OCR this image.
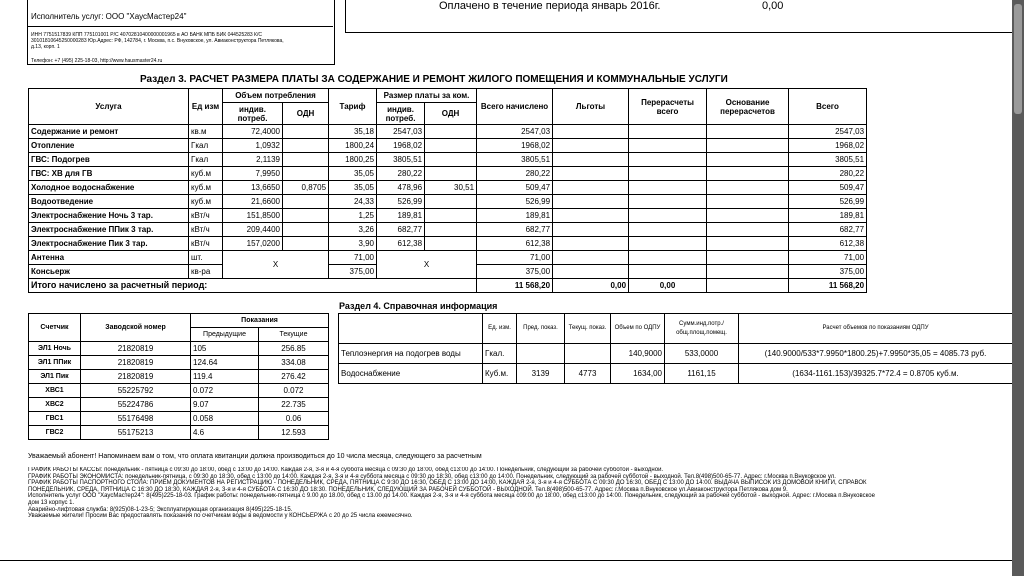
Исполнитель услуг: ООО "ХаусМастер24"
ИНН 7751517839 КПП 775101001 Р/С 40702810400000001965 в АО БАНК МПБ БИК 044525283 К/С
30101810645250000283 Юр.Адрес: РФ, 142784, г. Москва, п.с. Внуковское, ул. Авиаконструктора Петлякова,
д.13, корп. 1
Телефон: +7 (495) 225-18-03, http://www.hausmaster24.ru
Оплачено в течение периода январь 2016г.	0,00
Раздел 3. РАСЧЕТ РАЗМЕРА ПЛАТЫ ЗА СОДЕРЖАНИЕ И РЕМОНТ ЖИЛОГО ПОМЕЩЕНИЯ И КОММУНАЛЬНЫЕ УСЛУГИ
Услуга	Ед изм	Объем потребления		Тариф	Размер платы за ком.		Всего начислено	Льготы	Перерасчеты всего	Основание перерасчетов	Всего
		индив. потреб.	ОДН		индив. потреб.	ОДН					
Содержание и ремонт	кв.м	72,4000		35,18	2547,03		2547,03				2547,03
Отопление	Гкал	1,0932		1800,24	1968,02		1968,02				1968,02
ГВС: Подогрев	Гкал	2,1139		1800,25	3805,51		3805,51				3805,51
ГВС: ХВ для ГВ	куб.м	7,9950		35,05	280,22		280,22				280,22
Холодное водоснабжение	куб.м	13,6650	0,8705	35,05	478,96	30,51	509,47				509,47
Водоотведение	куб.м	21,6600		24,33	526,99		526,99				526,99
Электроснабжение Ночь 3 тар.	кВт/ч	151,8500		1,25	189,81		189,81				189,81
Электроснабжение ППик 3 тар.	кВт/ч	209,4400		3,26	682,77		682,77				682,77
Электроснабжение Пик 3 тар.	кВт/ч	157,0200		3,90	612,38		612,38				612,38
Антенна	шт.	X		71,00	X		71,00				71,00
Консьерж	кв-ра			375,00			375,00				375,00
Итого начислено за расчетный период:							11 568,20	0,00	0,00		11 568,20
Раздел 4. Справочная информация
Счетчик	Заводской номер	Показания	
		Предыдущие	Текущие
ЭЛ1 Ночь	21820819	105	256.85
ЭЛ1 ППик	21820819	124.64	334.08
ЭЛ1 Пик	21820819	119.4	276.42
ХВС1	55225792	0.072	0.072
ХВС2	55224786	9.07	22.735
ГВС1	55176498	0.058	0.06
ГВС2	55175213	4.6	12.593
	Ед. изм.	Пред. показ.	Текущ. показ.	Объем по ОДПУ	Сумм.инд.потр./ общ.площ.помещ.	Расчет объемов по показаниям ОДПУ
Теплоэнергия на подогрев воды	Гкал.			140,9000	533,0000	(140.9000/533*7.9950*1800.25)+7.9950*35,05 = 4085.73 руб.
Водоснабжение	Куб.м.	3139	4773	1634,00	1161,15	(1634-1161.153)/39325.7*72.4 = 0.8705 куб.м.
Уважаемый абонент! Напоминаем вам о том, что оплата квитанции должна производиться до 10 числа месяца, следующего за расчетным
ГРАФИК РАБОТЫ КАССЫ: понедельник - пятница с 09:30 до 18:00, обед с 13:00 до 14:00. Каждая 2-я, 3-я и 4-я суббота месяца с 09:30 до 18:00, обед с13:00 до 14:00. Понедельник, следующий за рабочей субботой - выходной.
ГРАФИК РАБОТЫ ЭКОНОМИСТА: понедельник-пятница, с 09:30 до 18:30, обед с 13:00 до 14:00. Каждая 2-я, 3-я и 4-я суббота месяца с 09:30 до 18:30, обед с13:00 до 14:00. Понедельник, следующий за рабочей субботой - выходной. Тел.8(498)500-65-77. Адрес: г.Москва п.Внуковское ул.
ГРАФИК РАБОТЫ ПАСПОРТНОГО СТОЛА: ПРИЁМ ДОКУМЕНТОВ НА РЕГИСТРАЦИЮ - ПОНЕДЕЛЬНИК, СРЕДА, ПЯТНИЦА С 9:30 ДО 16:30, ОБЕД С 13:00 ДО 14:00, КАЖДАЯ 2-я, 3-я и 4-я СУББОТА С 09:30 ДО 16:30, ОБЕД С 13:00 ДО 14:00. ВЫДАЧА ВЫПИСОК ИЗ ДОМОВОЙ КНИГИ, СПРАВОК
ПОНЕДЕЛЬНИК, СРЕДА, ПЯТНИЦА С 16:30 ДО 18:30, КАЖДАЯ 2-я, 3-я и 4-я СУББОТА С 16:30 ДО 18:30. ПОНЕДЕЛЬНИК, СЛЕДУЮЩИЙ ЗА РАБОЧЕЙ СУББОТОЙ - ВЫХОДНОЙ. Тел.8(498)500-65-77. Адрес: г.Москва п.Внуковское ул.Авиаконструктора Петлякова дом 9.
Исполнитель услуг ООО "ХаусМастер24": 8(495)225-18-03. График работы: понедельник-пятница с 9.00 до 18.00, обед с 13.00 до 14.00. Каждая 2-я, 3-я и 4-я суббота месяца с09:00 до 18:00, обед с13:00 до 14:00. Понедельник, следующий за рабочей субботой - выходной. Адрес: г.Москва п.Внуковское
дом 13 корпус 1.
Аварийно-лифтовая служба: 8(925)08-1-23-5; Эксплуатирующая организация 8(495)225-18-15.
Уважаемые жители! Просим Вас предоставлять показания по счетчикам воды в ведомости у КОНСЬЕРЖА с 20 до 25 числа ежемесячно.
